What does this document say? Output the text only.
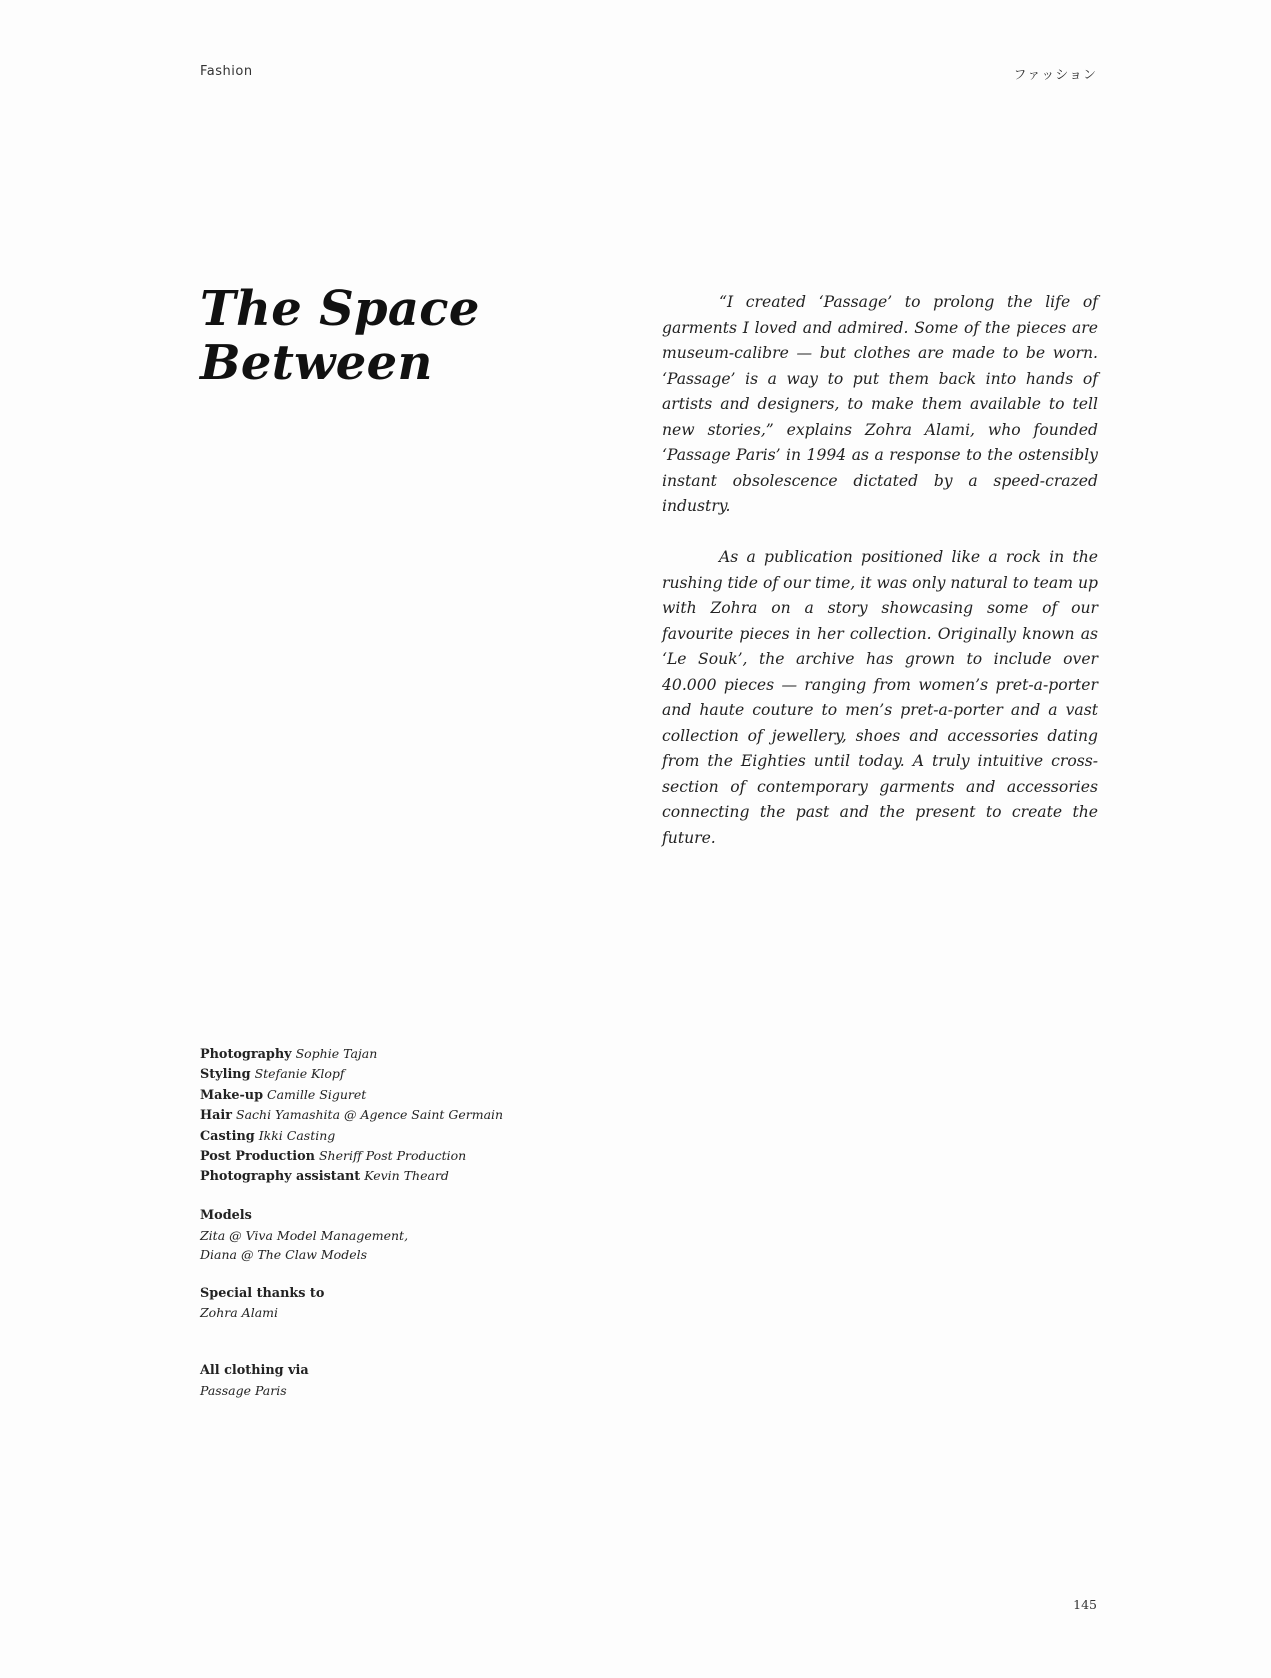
Fashion	ファッション
The Space
Between

“I created ‘Passage’ to prolong the life of garments I loved and admired. Some of the pieces are museum-calibre — but clothes are made to be worn. ‘Passage’ is a way to put them back into hands of artists and designers, to make them available to tell new stories,” explains Zohra Alami, who founded ‘Passage Paris’ in 1994 as a response to the ostensibly instant obsolescence dictated by a speed-crazed industry.

As a publication positioned like a rock in the rushing tide of our time, it was only natural to team up with Zohra on a story showcasing some of our favourite pieces in her collection. Originally known as ‘Le Souk’, the archive has grown to include over 40.000 pieces — ranging from women’s pret-a-porter and haute couture to men’s pret-a-porter and a vast collection of jewellery, shoes and accessories dating from the Eighties until today. A truly intuitive cross-section of contemporary garments and accessories connecting the past and the present to create the future.

Photography Sophie Tajan
Styling Stefanie Klopf
Make-up Camille Siguret
Hair Sachi Yamashita @ Agence Saint Germain
Casting Ikki Casting
Post Production Sheriff Post Production
Photography assistant Kevin Theard
Models
Zita @ Viva Model Management,
Diana @ The Claw Models
Special thanks to
Zohra Alami
All clothing via
Passage Paris
145
